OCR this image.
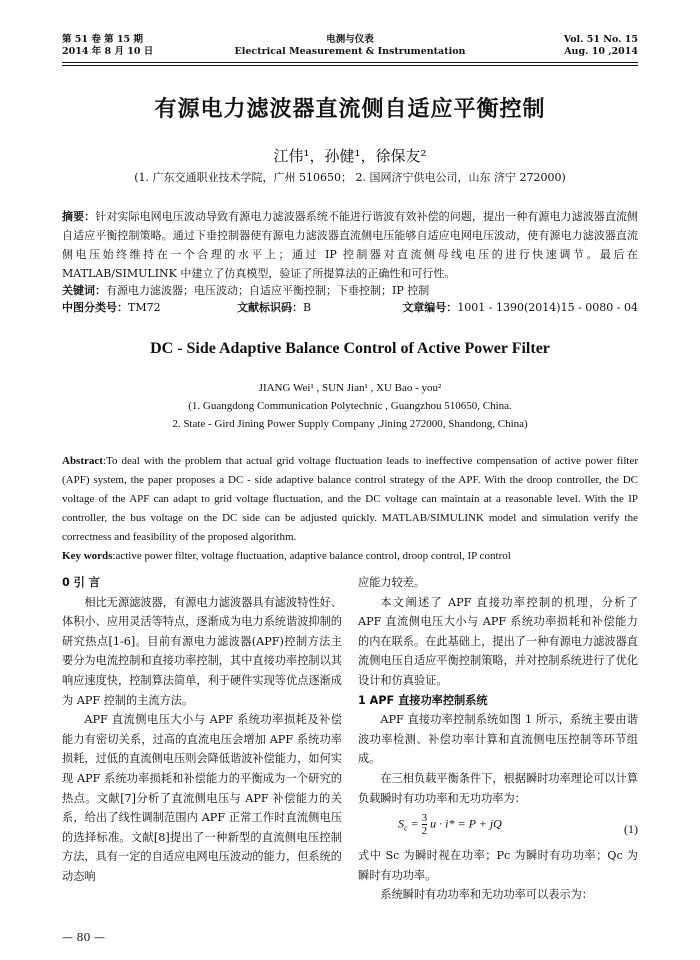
第 51 卷 第 15 期
2014 年 8 月 10 日
电测与仪表
Electrical Measurement & Instrumentation
Vol. 51 No. 15
Aug. 10 ,2014
有源电力滤波器直流侧自适应平衡控制
江伟¹，孙健¹，徐保友²
(1. 广东交通职业技术学院，广州 510650； 2. 国网济宁供电公司，山东 济宁 272000)
摘要：针对实际电网电压波动导致有源电力滤波器系统不能进行谐波有效补偿的问题，提出一种有源电力滤波器直流侧自适应平衡控制策略。通过下垂控制器使有源电力滤波器直流侧电压能够自适应电网电压波动，使有源电力滤波器直流侧电压始终维持在一个合理的水平上；通过 IP 控制器对直流侧母线电压的进行快速调节。最后在 MATLAB/SIMULINK 中建立了仿真模型，验证了所提算法的正确性和可行性。
关键词：有源电力滤波器；电压波动；自适应平衡控制；下垂控制；IP 控制
中图分类号：TM72	文献标识码：B	文章编号：1001 - 1390(2014)15 - 0080 - 04
DC - Side Adaptive Balance Control of Active Power Filter
JIANG Wei¹ , SUN Jian¹ , XU Bao - you²
(1. Guangdong Communication Polytechnic , Guangzhou 510650, China.
2. State - Gird Jining Power Supply Company ,Jining 272000, Shandong, China)
Abstract:To deal with the problem that actual grid voltage fluctuation leads to ineffective compensation of active power filter (APF) system, the paper proposes a DC - side adaptive balance control strategy of the APF. With the droop controller, the DC voltage of the APF can adapt to grid voltage fluctuation, and the DC voltage can maintain at a reasonable level. With the IP controller, the bus voltage on the DC side can be adjusted quickly. MATLAB/SIMULINK model and simulation verify the correctness and feasibility of the proposed algorithm.
Key words:active power filter, voltage fluctuation, adaptive balance control, droop control, IP control

0 引 言

相比无源滤波器，有源电力滤波器具有滤波特性好、体积小、应用灵活等特点，逐渐成为电力系统谐波抑制的研究热点[1-6]。目前有源电力滤波器(APF)控制方法主要分为电流控制和直接功率控制，其中直接功率控制以其响应速度快，控制算法简单，利于硬件实现等优点逐渐成为 APF 控制的主流方法。

APF 直流侧电压大小与 APF 系统功率损耗及补偿能力有密切关系，过高的直流电压会增加 APF 系统功率损耗，过低的直流侧电压则会降低谐波补偿能力，如何实现 APF 系统功率损耗和补偿能力的平衡成为一个研究的热点。文献[7]分析了直流侧电压与 APF 补偿能力的关系，给出了线性调制范围内 APF 正常工作时直流侧电压的选择标准。文献[8]提出了一种新型的直流侧电压控制方法，具有一定的自适应电网电压波动的能力，但系统的动态响

应能力较差。

本文阐述了 APF 直接功率控制的机理，分析了 APF 直流侧电压大小与 APF 系统功率损耗和补偿能力的内在联系。在此基础上，提出了一种有源电力滤波器直流侧电压自适应平衡控制策略，并对控制系统进行了优化设计和仿真验证。

1 APF 直接功率控制系统

APF 直接功率控制系统如图 1 所示，系统主要由谐波功率检测、补偿功率计算和直流侧电压控制等环节组成。

在三相负载平衡条件下，根据瞬时功率理论可以计算负载瞬时有功功率和无功功率为：

$S_c = \frac{3}{2}$ u · i* = P + jQ	(1)

式中 Sc 为瞬时视在功率；Pc 为瞬时有功功率；Qc 为瞬时有功功率。

系统瞬时有功功率和无功功率可以表示为：

— 80 —
